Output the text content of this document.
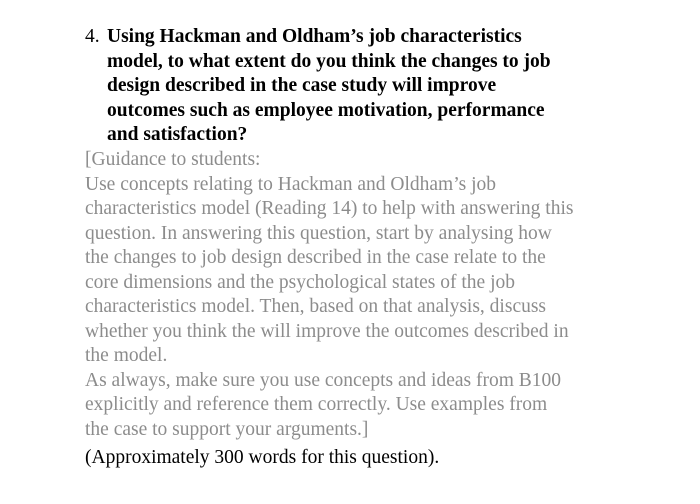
4. Using Hackman and Oldham’s job characteristics
model, to what extent do you think the changes to job
design described in the case study will improve
outcomes such as employee motivation, performance
and satisfaction?
[Guidance to students:
Use concepts relating to Hackman and Oldham’s job
characteristics model (Reading 14) to help with answering this
question. In answering this question, start by analysing how
the changes to job design described in the case relate to the
core dimensions and the psychological states of the job
characteristics model. Then, based on that analysis, discuss
whether you think the will improve the outcomes described in
the model.
As always, make sure you use concepts and ideas from B100
explicitly and reference them correctly. Use examples from
the case to support your arguments.]
(Approximately 300 words for this question).
